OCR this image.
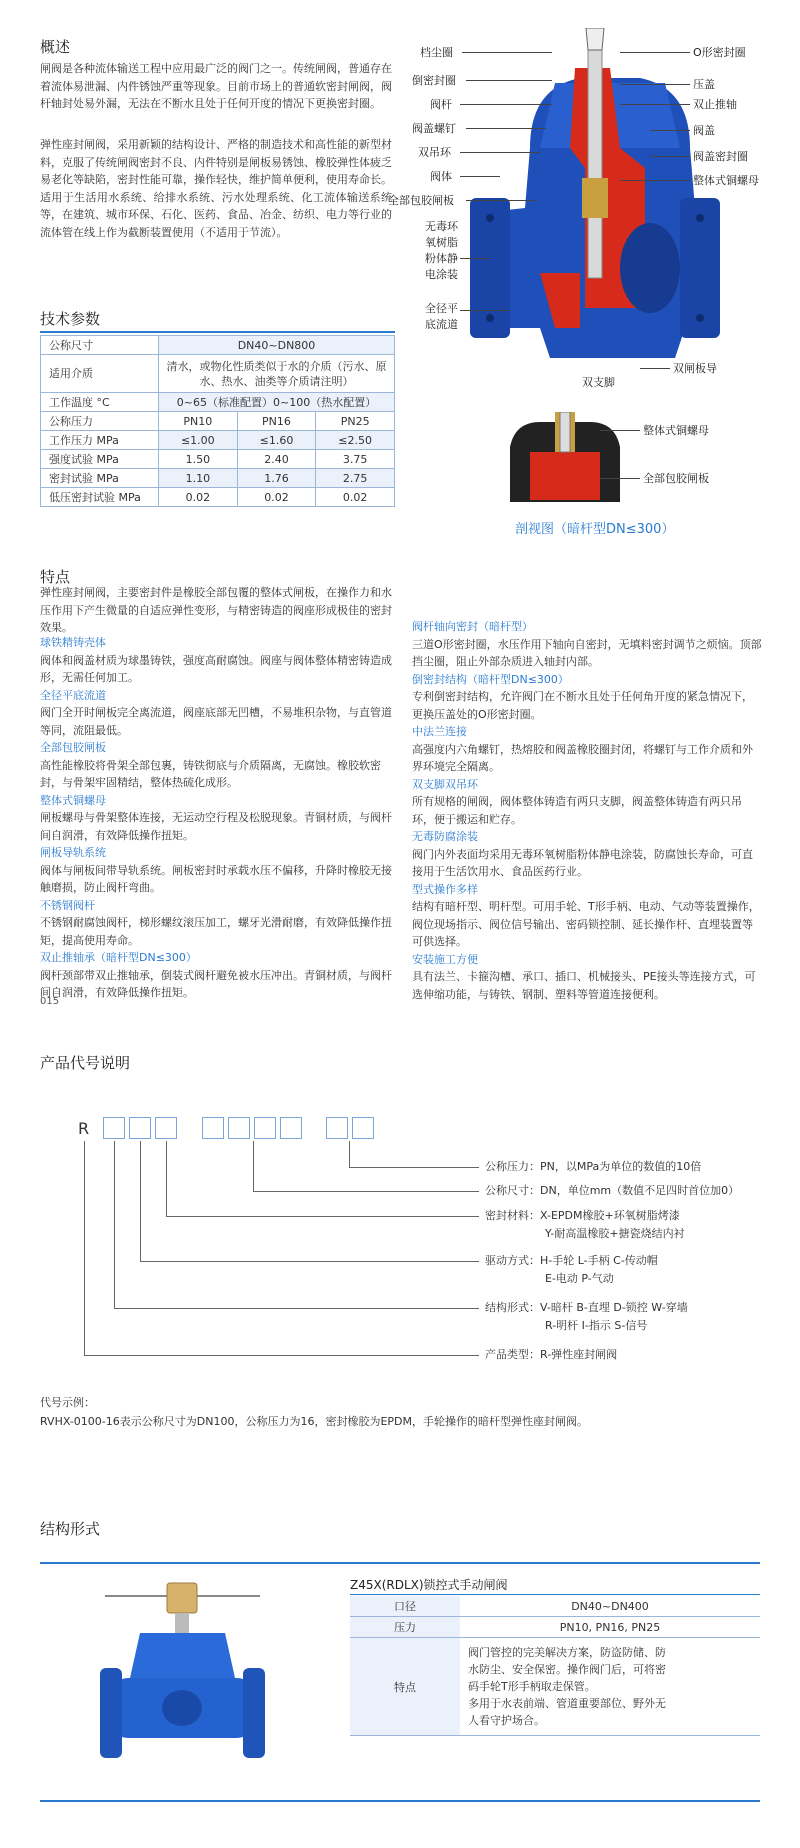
概述
闸阀是各种流体输送工程中应用最广泛的阀门之一。传统闸阀，普通存在着流体易泄漏、内件锈蚀严重等现象。目前市场上的普通软密封闸阀，阀杆轴封处易外漏，无法在不断水且处于任何开度的情况下更换密封圈。
弹性座封闸阀，采用新颖的结构设计、严格的制造技术和高性能的新型材料，克服了传统闸阀密封不良、内件特别是闸板易锈蚀、橡胶弹性体疲乏易老化等缺陷，密封性能可靠，操作轻快，维护简单便利，使用寿命长。适用于生活用水系统、给排水系统、污水处理系统、化工流体输送系统等，在建筑、城市环保、石化、医药、食品、冶金、纺织、电力等行业的流体管在线上作为截断装置使用（不适用于节流）。
技术参数
公称尺寸	DN40~DN800		
适用介质	清水，或物化性质类似于水的介质（污水、原水、热水、油类等介质请注明）		
工作温度 °C	0~65（标准配置）0~100（热水配置）		
公称压力	PN10	PN16	PN25
工作压力 MPa	≤1.00	≤1.60	≤2.50
强度试验 MPa	1.50	2.40	3.75
密封试验 MPa	1.10	1.76	2.75
低压密封试验 MPa	0.02	0.02	0.02
档尘圈
倒密封圈
阀杆
阀盖螺钉
双吊环
阀体
全部包胶闸板
无毒环
氧树脂
粉体静
电涂装
全径平
底流道
O形密封圈
压盖
双止推轴
阀盖
阀盖密封圈
整体式铜螺母
双闸板导
双支脚
整体式铜螺母
全部包胶闸板
剖视图（暗杆型DN≤300）
特点
弹性座封闸阀，主要密封件是橡胶全部包覆的整体式闸板，在操作力和水压作用下产生微量的自适应弹性变形，与精密铸造的阀座形成极佳的密封效果。
球铁精铸壳体
阀体和阀盖材质为球墨铸铁，强度高耐腐蚀。阀座与阀体整体精密铸造成形，无需任何加工。
全径平底流道
阀门全开时闸板完全离流道，阀座底部无凹槽，不易堆积杂物，与直管道等同，流阻最低。
全部包胶闸板
高性能橡胶将骨架全部包裹，铸铁彻底与介质隔离，无腐蚀。橡胶软密封，与骨架牢固精结，整体热硫化成形。
整体式铜螺母
闸板螺母与骨架整体连接，无运动空行程及松脱现象。青铜材质，与阀杆间自润滑，有效降低操作扭矩。
闸板导轨系统
阀体与闸板间带导轨系统。闸板密封时承载水压不偏移，升降时橡胶无接触磨损，防止阀杆弯曲。
不锈钢阀杆
不锈钢耐腐蚀阀杆，梯形螺纹滚压加工，螺牙光滑耐磨，有效降低操作扭矩，提高使用寿命。
双止推轴承（暗杆型DN≤300）
阀杆颈部带双止推轴承，倒装式阀杆避免被水压冲出。青铜材质，与阀杆间自润滑，有效降低操作扭矩。
阀杆轴向密封（暗杆型）
三道O形密封圈，水压作用下轴向自密封，无填料密封调节之烦恼。顶部挡尘圈，阻止外部杂质进入轴封内部。
倒密封结构（暗杆型DN≤300）
专利倒密封结构，允许阀门在不断水且处于任何角开度的紧急情况下，更换压盖处的O形密封圈。
中法兰连接
高强度内六角螺钉，热熔胶和阀盖橡胶圈封闭，将螺钉与工作介质和外界环境完全隔离。
双支脚双吊环
所有规格的闸阀，阀体整体铸造有两只支脚，阀盖整体铸造有两只吊环，便于搬运和贮存。
无毒防腐涂装
阀门内外表面均采用无毒环氧树脂粉体静电涂装，防腐蚀长寿命，可直接用于生活饮用水、食品医药行业。
型式操作多样
结构有暗杆型、明杆型。可用手轮、T形手柄、电动、气动等装置操作，阀位现场指示、阀位信号输出、密码锁控制、延长操作杆、直埋装置等可供选择。
安装施工方便
具有法兰、卡箍沟槽、承口、插口、机械接头、PE接头等连接方式，可选伸缩功能，与铸铁、钢制、塑料等管道连接便利。
015
产品代号说明
R
公称压力：PN，以MPa为单位的数值的10倍
公称尺寸：DN，单位mm（数值不足四时首位加0）
密封材料：X-EPDM橡胶+环氧树脂烤漆
Y-耐高温橡胶+搪瓷烧结内衬
驱动方式：H-手轮 L-手柄 C-传动帽
E-电动 P-气动
结构形式：V-暗杆 B-直埋 D-锁控 W-穿墙
R-明杆 I-指示 S-信号
产品类型：R-弹性座封闸阀
代号示例：
RVHX-0100-16表示公称尺寸为DN100，公称压力为16，密封橡胶为EPDM，手轮操作的暗杆型弹性座封闸阀。
结构形式
Z45X(RDLX)锁控式手动闸阀
口径	DN40~DN400
压力	PN10, PN16, PN25
特点	阀门管控的完美解决方案，防盗防储、防
水防尘、安全保密。操作阀门后，可将密
码手轮T形手柄取走保管。
多用于水表前端、管道重要部位、野外无
人看守护场合。
